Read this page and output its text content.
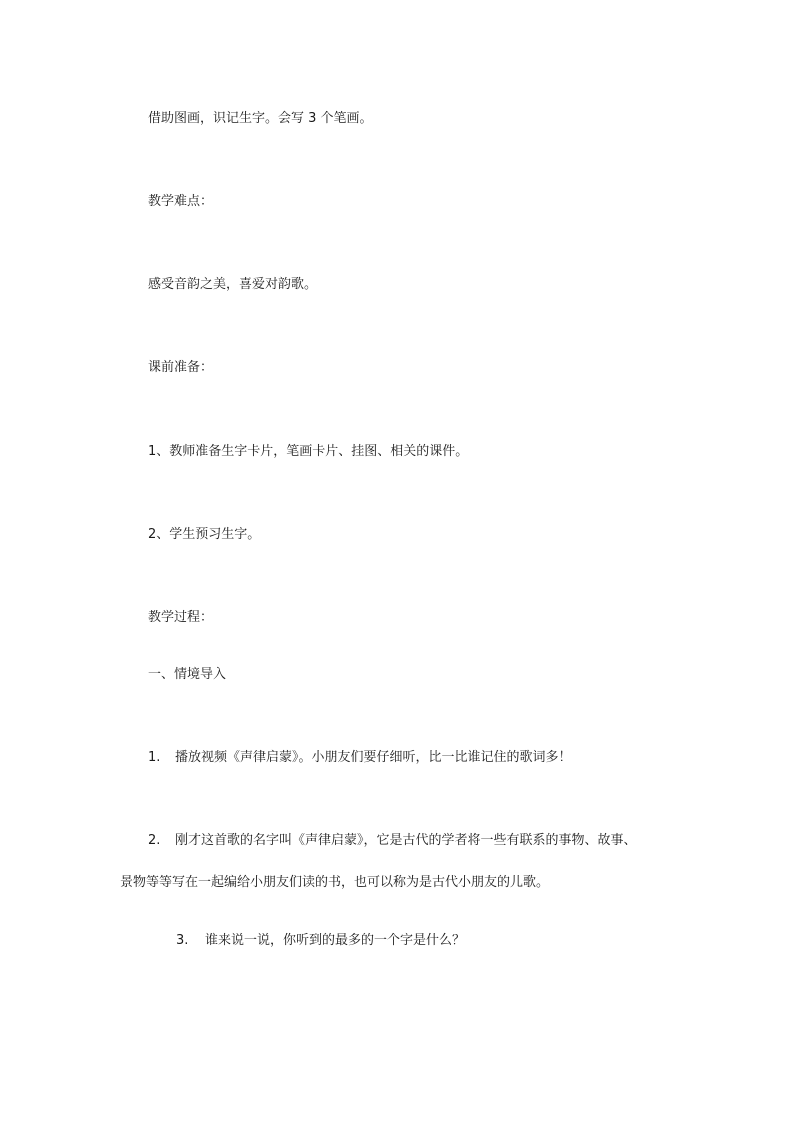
借助图画，识记生字。会写 3 个笔画。
教学难点：
感受音韵之美，喜爱对韵歌。
课前准备：
1、教师准备生字卡片，笔画卡片、挂图、相关的课件。
2、学生预习生字。
教学过程：
一、情境导入
1. 播放视频《声律启蒙》。小朋友们要仔细听，比一比谁记住的歌词多！
2. 刚才这首歌的名字叫《声律启蒙》，它是古代的学者将一些有联系的事物、故事、
景物等等写在一起编给小朋友们读的书，也可以称为是古代小朋友的儿歌。
3. 谁来说一说，你听到的最多的一个字是什么？
